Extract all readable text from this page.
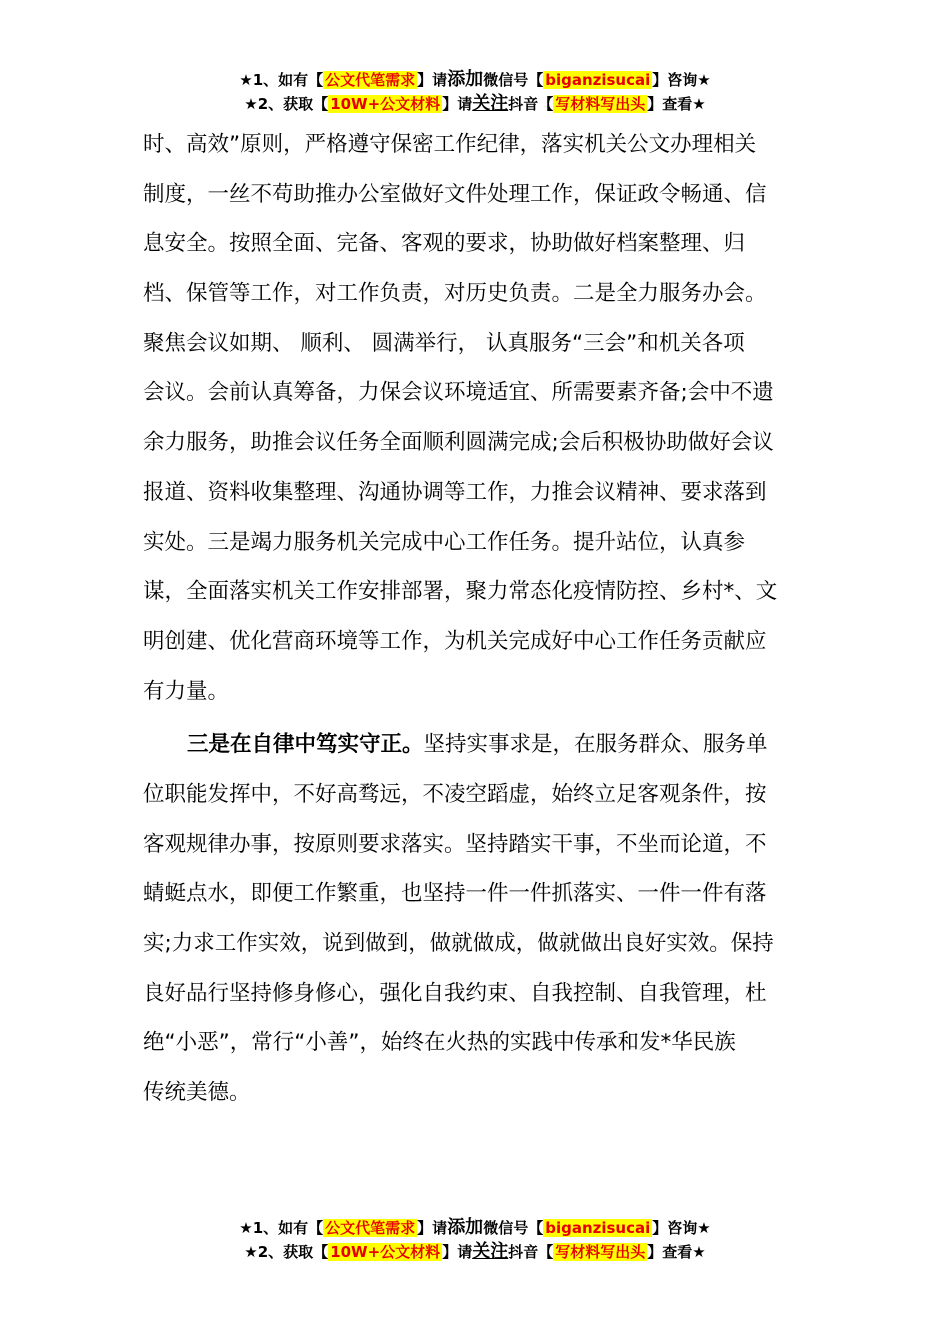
★1、如有【 公文代笔需求 】请添加微信号【 biganzisucai 】咨询★
★2、获取【 10W+公文材料 】请关注抖音【 写材料写出头 】查看★
时、高效”原则，严格遵守保密工作纪律，落实机关公文办理相关
制度，一丝不苟助推办公室做好文件处理工作，保证政令畅通、信
息安全。按照全面、完备、客观的要求，协助做好档案整理、归
档、保管等工作，对工作负责，对历史负责。二是全力服务办会。
聚焦会议如期、 顺利、 圆满举行， 认真服务“三会”和机关各项
会议。会前认真筹备，力保会议环境适宜、所需要素齐备;会中不遗
余力服务，助推会议任务全面顺利圆满完成;会后积极协助做好会议
报道、资料收集整理、沟通协调等工作，力推会议精神、要求落到
实处。三是竭力服务机关完成中心工作任务。提升站位，认真参
谋，全面落实机关工作安排部署，聚力常态化疫情防控、乡村*、文
明创建、优化营商环境等工作，为机关完成好中心工作任务贡献应
有力量。
三是在自律中笃实守正。坚持实事求是，在服务群众、服务单
位职能发挥中，不好高骛远，不凌空蹈虚，始终立足客观条件，按
客观规律办事，按原则要求落实。坚持踏实干事，不坐而论道，不
蜻蜓点水，即便工作繁重，也坚持一件一件抓落实、一件一件有落
实;力求工作实效，说到做到，做就做成，做就做出良好实效。保持
良好品行坚持修身修心，强化自我约束、自我控制、自我管理，杜
绝“小恶”，常行“小善”，始终在火热的实践中传承和发*华民族
传统美德。
★1、如有【 公文代笔需求 】请添加微信号【 biganzisucai 】咨询★
★2、获取【 10W+公文材料 】请关注抖音【 写材料写出头 】查看★
